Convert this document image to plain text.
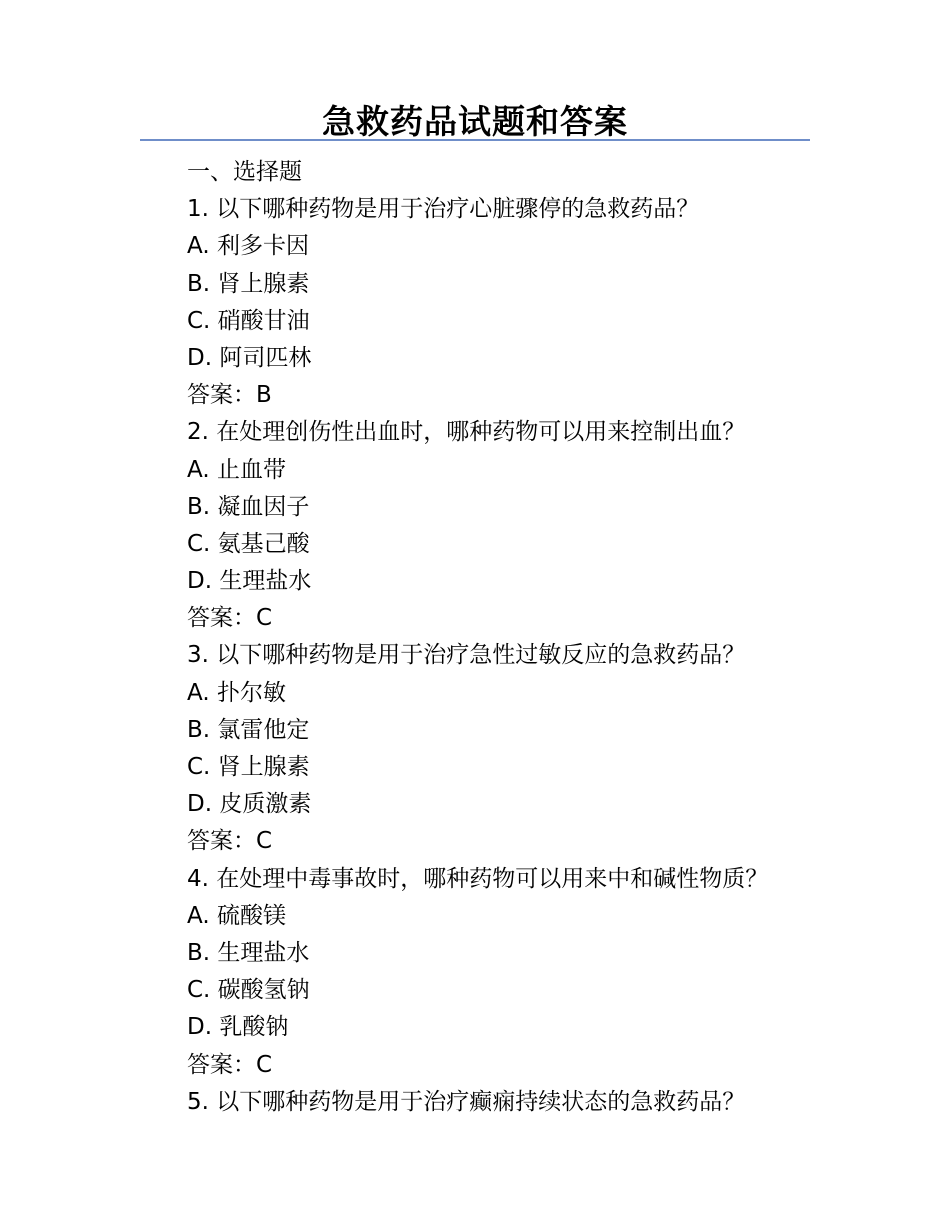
急救药品试题和答案
一、选择题
1. 以下哪种药物是用于治疗心脏骤停的急救药品？
A. 利多卡因
B. 肾上腺素
C. 硝酸甘油
D. 阿司匹林
答案：B
2. 在处理创伤性出血时，哪种药物可以用来控制出血？
A. 止血带
B. 凝血因子
C. 氨基己酸
D. 生理盐水
答案：C
3. 以下哪种药物是用于治疗急性过敏反应的急救药品？
A. 扑尔敏
B. 氯雷他定
C. 肾上腺素
D. 皮质激素
答案：C
4. 在处理中毒事故时，哪种药物可以用来中和碱性物质？
A. 硫酸镁
B. 生理盐水
C. 碳酸氢钠
D. 乳酸钠
答案：C
5. 以下哪种药物是用于治疗癫痫持续状态的急救药品？
